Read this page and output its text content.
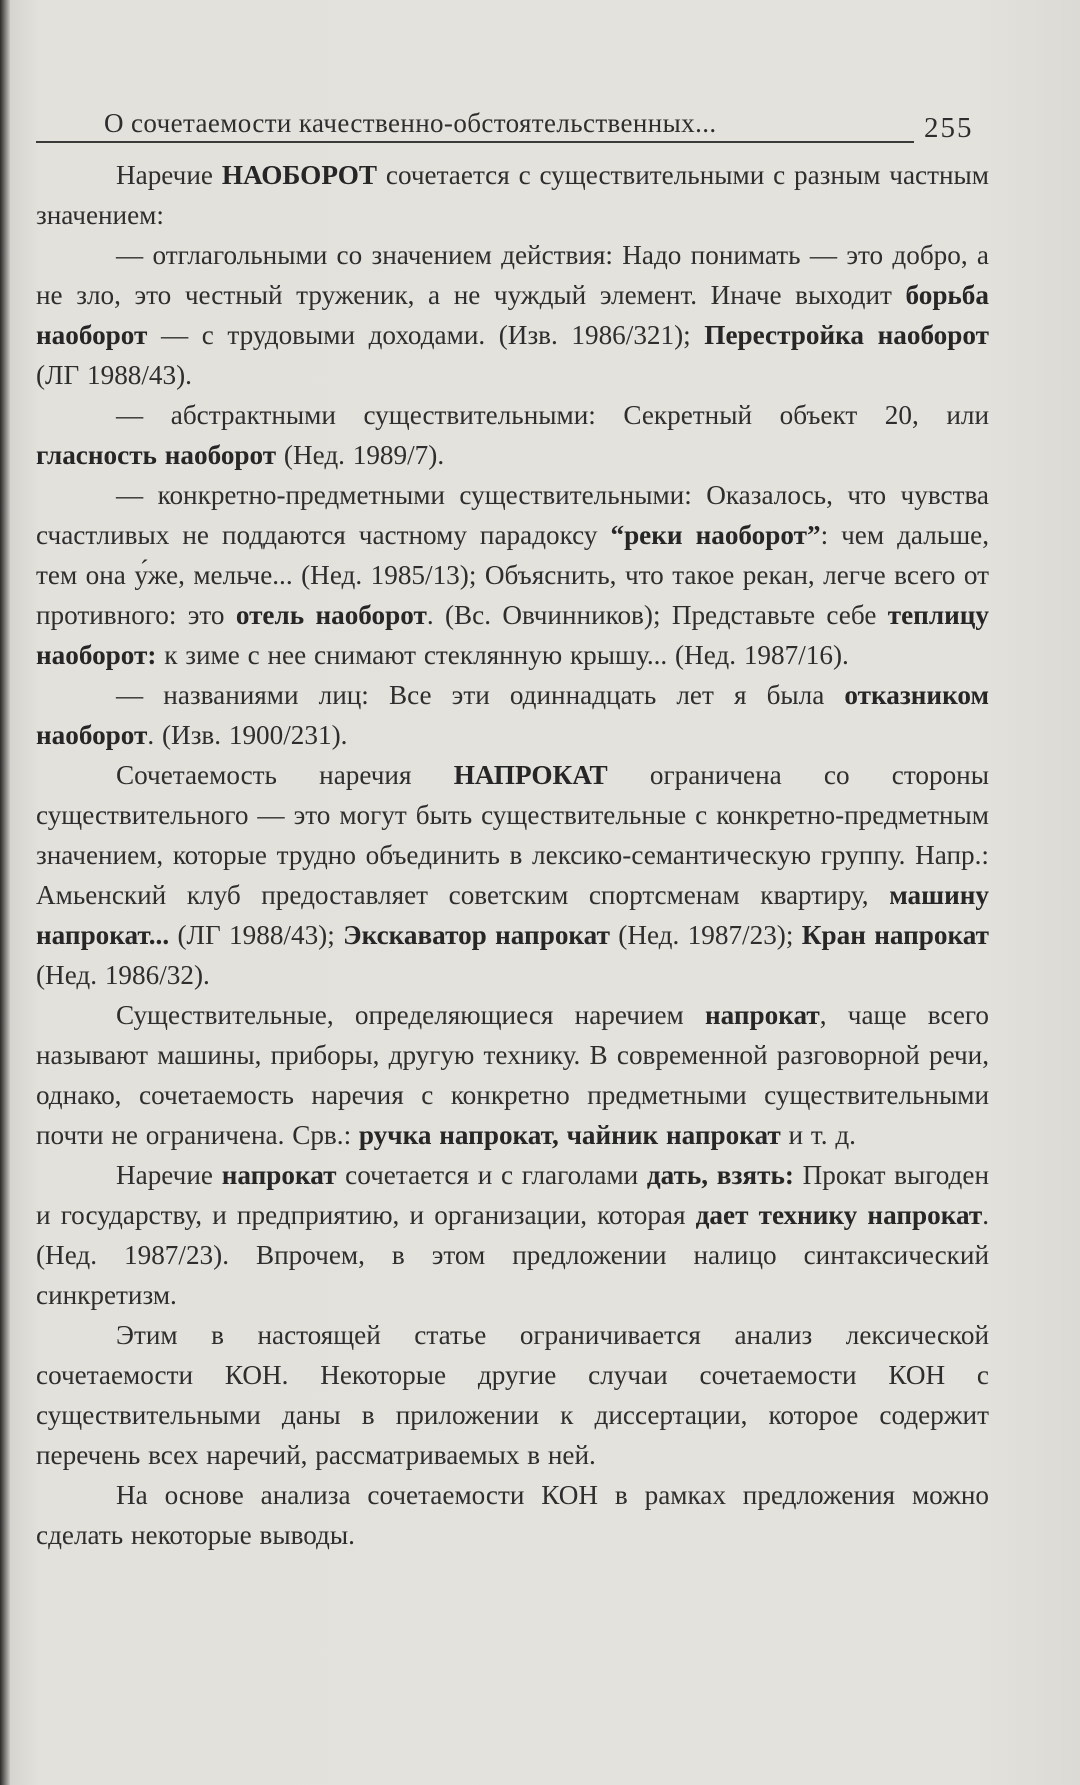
О сочетаемости качественно-обстоятельственных...	255

Наречие НАОБОРОТ сочетается с существительными с разным частным значением:

— отглагольными со значением действия: Надо понимать — это добро, а не зло, это честный труженик, а не чуждый элемент. Иначе выходит борьба наоборот — с трудовыми доходами. (Изв. 1986/321); Перестройка наоборот (ЛГ 1988/43).

— абстрактными существительными: Секретный объект 20, или гласность наоборот (Нед. 1989/7).

— конкретно-предметными существительными: Оказалось, что чувства счастливых не поддаются частному парадоксу “реки наоборот”: чем дальше, тем она у́же, мельче... (Нед. 1985/13); Объяснить, что такое рекан, легче всего от противного: это отель наоборот. (Вс. Овчинников); Представьте себе теплицу наоборот: к зиме с нее снимают стеклянную крышу... (Нед. 1987/16).

— названиями лиц: Все эти одиннадцать лет я была отказником наоборот. (Изв. 1900/231).

Сочетаемость наречия НАПРОКАТ ограничена со стороны существительного — это могут быть существительные с конкретно-предметным значением, которые трудно объединить в лексико-семантическую группу. Напр.: Амьенский клуб предоставляет советским спортсменам квартиру, машину напрокат... (ЛГ 1988/43); Экскаватор напрокат (Нед. 1987/23); Кран напрокат (Нед. 1986/32).

Существительные, определяющиеся наречием напрокат, чаще всего называют машины, приборы, другую технику. В современной разговорной речи, однако, сочетаемость наречия с конкретно предметными существительными почти не ограничена. Срв.: ручка напрокат, чайник напрокат и т. д.

Наречие напрокат сочетается и с глаголами дать, взять: Прокат выгоден и государству, и предприятию, и организации, которая дает технику напрокат. (Нед. 1987/23). Впрочем, в этом предложении налицо синтаксический синкретизм.

Этим в настоящей статье ограничивается анализ лексической сочетаемости КОН. Некоторые другие случаи сочетаемости КОН с существительными даны в приложении к диссертации, которое содержит перечень всех наречий, рассматриваемых в ней.

На основе анализа сочетаемости КОН в рамках предложения можно сделать некоторые выводы.
